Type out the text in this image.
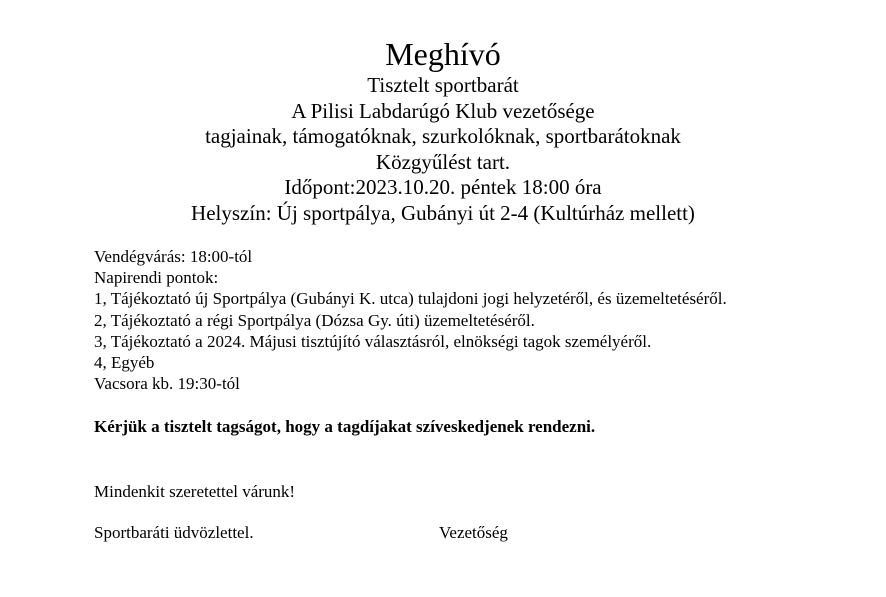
Meghívó
Tisztelt sportbarát
A Pilisi Labdarúgó Klub vezetősége
tagjainak, támogatóknak, szurkolóknak, sportbarátoknak
Közgyűlést tart.
Időpont:2023.10.20. péntek 18:00 óra
Helyszín: Új sportpálya, Gubányi út 2-4 (Kultúrház mellett)
Vendégvárás: 18:00-tól
Napirendi pontok:
1, Tájékoztató új Sportpálya (Gubányi K. utca) tulajdoni jogi helyzetéről, és üzemeltetéséről.
2, Tájékoztató a régi Sportpálya (Dózsa Gy. úti) üzemeltetéséről.
3, Tájékoztató a 2024. Májusi tisztújító választásról, elnökségi tagok személyéről.
4, Egyéb
Vacsora kb. 19:30-tól
Kérjük a tisztelt tagságot, hogy a tagdíjakat szíveskedjenek rendezni.
Mindenkit szeretettel várunk!
Sportbaráti üdvözlettel.	Vezetőség
